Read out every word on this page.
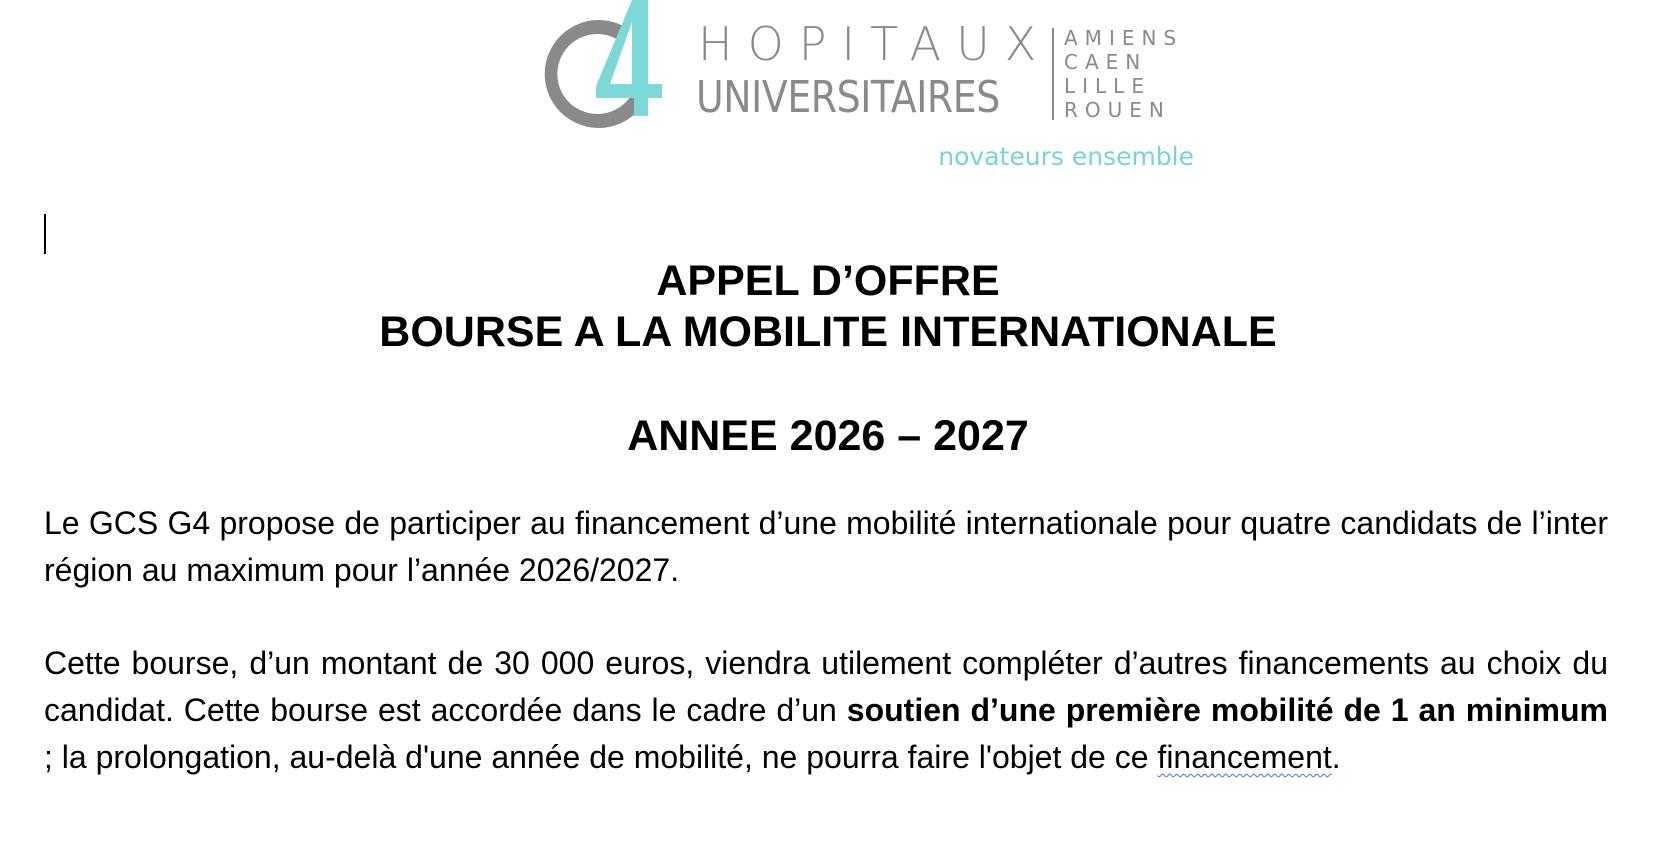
HOPITAUX
UNIVERSITAIRES
AMIENS
CAEN
LILLE
ROUEN
novateurs ensemble
APPEL D’OFFRE
BOURSE A LA MOBILITE INTERNATIONALE
ANNEE 2026 – 2027

Le GCS G4 propose de participer au financement d’une mobilité internationale pour quatre candidats de l’inter région au maximum pour l’année 2026/2027.

Cette bourse, d’un montant de 30 000 euros, viendra utilement compléter d’autres financements au choix du candidat. Cette bourse est accordée dans le cadre d’un soutien d’une première mobilité de 1 an minimum ; la prolongation, au-delà d'une année de mobilité, ne pourra faire l'objet de ce financement.
